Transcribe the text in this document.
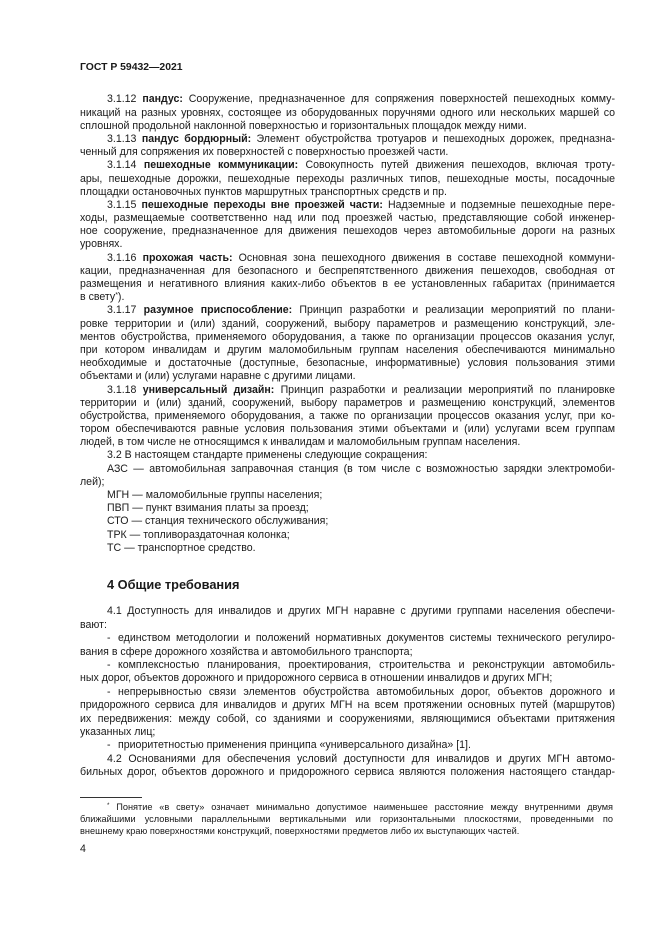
ГОСТ Р 59432—2021
3.1.12 пандус: Сооружение, предназначенное для сопряжения поверхностей пешеходных комму-
никаций на разных уровнях, состоящее из оборудованных поручнями одного или нескольких маршей со
сплошной продольной наклонной поверхностью и горизонтальных площадок между ними.
3.1.13 пандус бордюрный: Элемент обустройства тротуаров и пешеходных дорожек, предназна-
ченный для сопряжения их поверхностей с поверхностью проезжей части.
3.1.14 пешеходные коммуникации: Совокупность путей движения пешеходов, включая троту-
ары, пешеходные дорожки, пешеходные переходы различных типов, пешеходные мосты, посадочные
площадки остановочных пунктов маршрутных транспортных средств и пр.
3.1.15 пешеходные переходы вне проезжей части: Надземные и подземные пешеходные пере-
ходы, размещаемые соответственно над или под проезжей частью, представляющие собой инженер-
ное сооружение, предназначенное для движения пешеходов через автомобильные дороги на разных
уровнях.
3.1.16 прохожая часть: Основная зона пешеходного движения в составе пешеходной коммуни-
кации, предназначенная для безопасного и беспрепятственного движения пешеходов, свободная от
размещения и негативного влияния каких-либо объектов в ее установленных габаритах (принимается
в свету*).
3.1.17 разумное приспособление: Принцип разработки и реализации мероприятий по плани-
ровке территории и (или) зданий, сооружений, выбору параметров и размещению конструкций, эле-
ментов обустройства, применяемого оборудования, а также по организации процессов оказания услуг,
при котором инвалидам и другим маломобильным группам населения обеспечиваются минимально
необходимые и достаточные (доступные, безопасные, информативные) условия пользования этими
объектами и (или) услугами наравне с другими лицами.
3.1.18 универсальный дизайн: Принцип разработки и реализации мероприятий по планировке
территории и (или) зданий, сооружений, выбору параметров и размещению конструкций, элементов
обустройства, применяемого оборудования, а также по организации процессов оказания услуг, при ко-
тором обеспечиваются равные условия пользования этими объектами и (или) услугами всем группам
людей, в том числе не относящимся к инвалидам и маломобильным группам населения.
3.2 В настоящем стандарте применены следующие сокращения:
АЗС — автомобильная заправочная станция (в том числе с возможностью зарядки электромоби-
лей);
МГН — маломобильные группы населения;
ПВП — пункт взимания платы за проезд;
СТО — станция технического обслуживания;
ТРК — топливораздаточная колонка;
ТС — транспортное средство.
4 Общие требования
4.1 Доступность для инвалидов и других МГН наравне с другими группами населения обеспечи-
вают:
- единством методологии и положений нормативных документов системы технического регулиро-
вания в сфере дорожного хозяйства и автомобильного транспорта;
- комплексностью планирования, проектирования, строительства и реконструкции автомобиль-
ных дорог, объектов дорожного и придорожного сервиса в отношении инвалидов и других МГН;
- непрерывностью связи элементов обустройства автомобильных дорог, объектов дорожного и
придорожного сервиса для инвалидов и других МГН на всем протяжении основных путей (маршрутов)
их передвижения: между собой, со зданиями и сооружениями, являющимися объектами притяжения
указанных лиц;
- приоритетностью применения принципа «универсального дизайна» [1].
4.2 Основаниями для обеспечения условий доступности для инвалидов и других МГН автомо-
бильных дорог, объектов дорожного и придорожного сервиса являются положения настоящего стандар-
* Понятие «в свету» означает минимально допустимое наименьшее расстояние между внутренними двумя
ближайшими условными параллельными вертикальными или горизонтальными плоскостями, проведенными по
внешнему краю поверхностями конструкций, поверхностями предметов либо их выступающих частей.
4
